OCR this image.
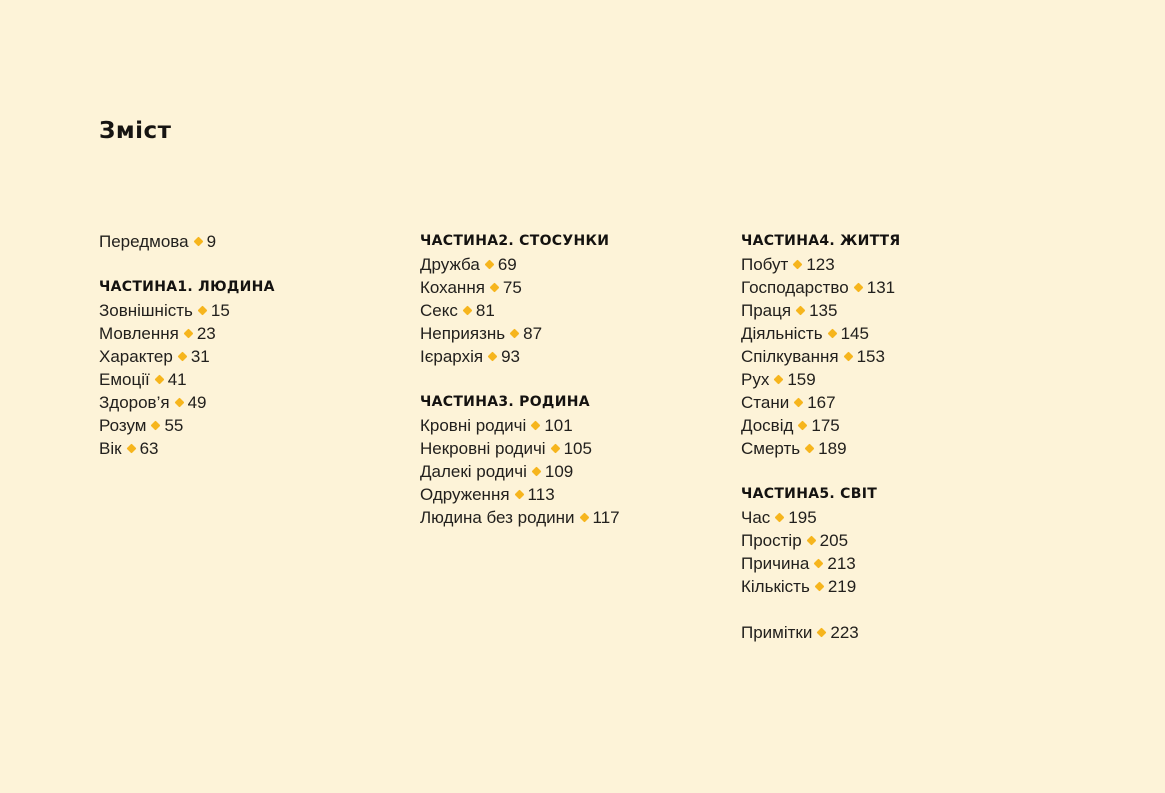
Зміст
Передмова 9
ЧАСТИНА1. ЛЮДИНА
Зовнішність 15
Мовлення 23
Характер 31
Емоції 41
Здоров’я 49
Розум 55
Вік 63
ЧАСТИНА2. СТОСУНКИ
Дружба 69
Кохання 75
Секс 81
Неприязнь 87
Ієрархія 93
ЧАСТИНА3. РОДИНА
Кровні родичі 101
Некровні родичі 105
Далекі родичі 109
Одруження 113
Людина без родини 117
ЧАСТИНА4. ЖИТТЯ
Побут 123
Господарство 131
Праця 135
Діяльність 145
Спілкування 153
Рух 159
Стани 167
Досвід 175
Смерть 189
ЧАСТИНА5. СВІТ
Час 195
Простір 205
Причина 213
Кількість 219
Примітки 223
